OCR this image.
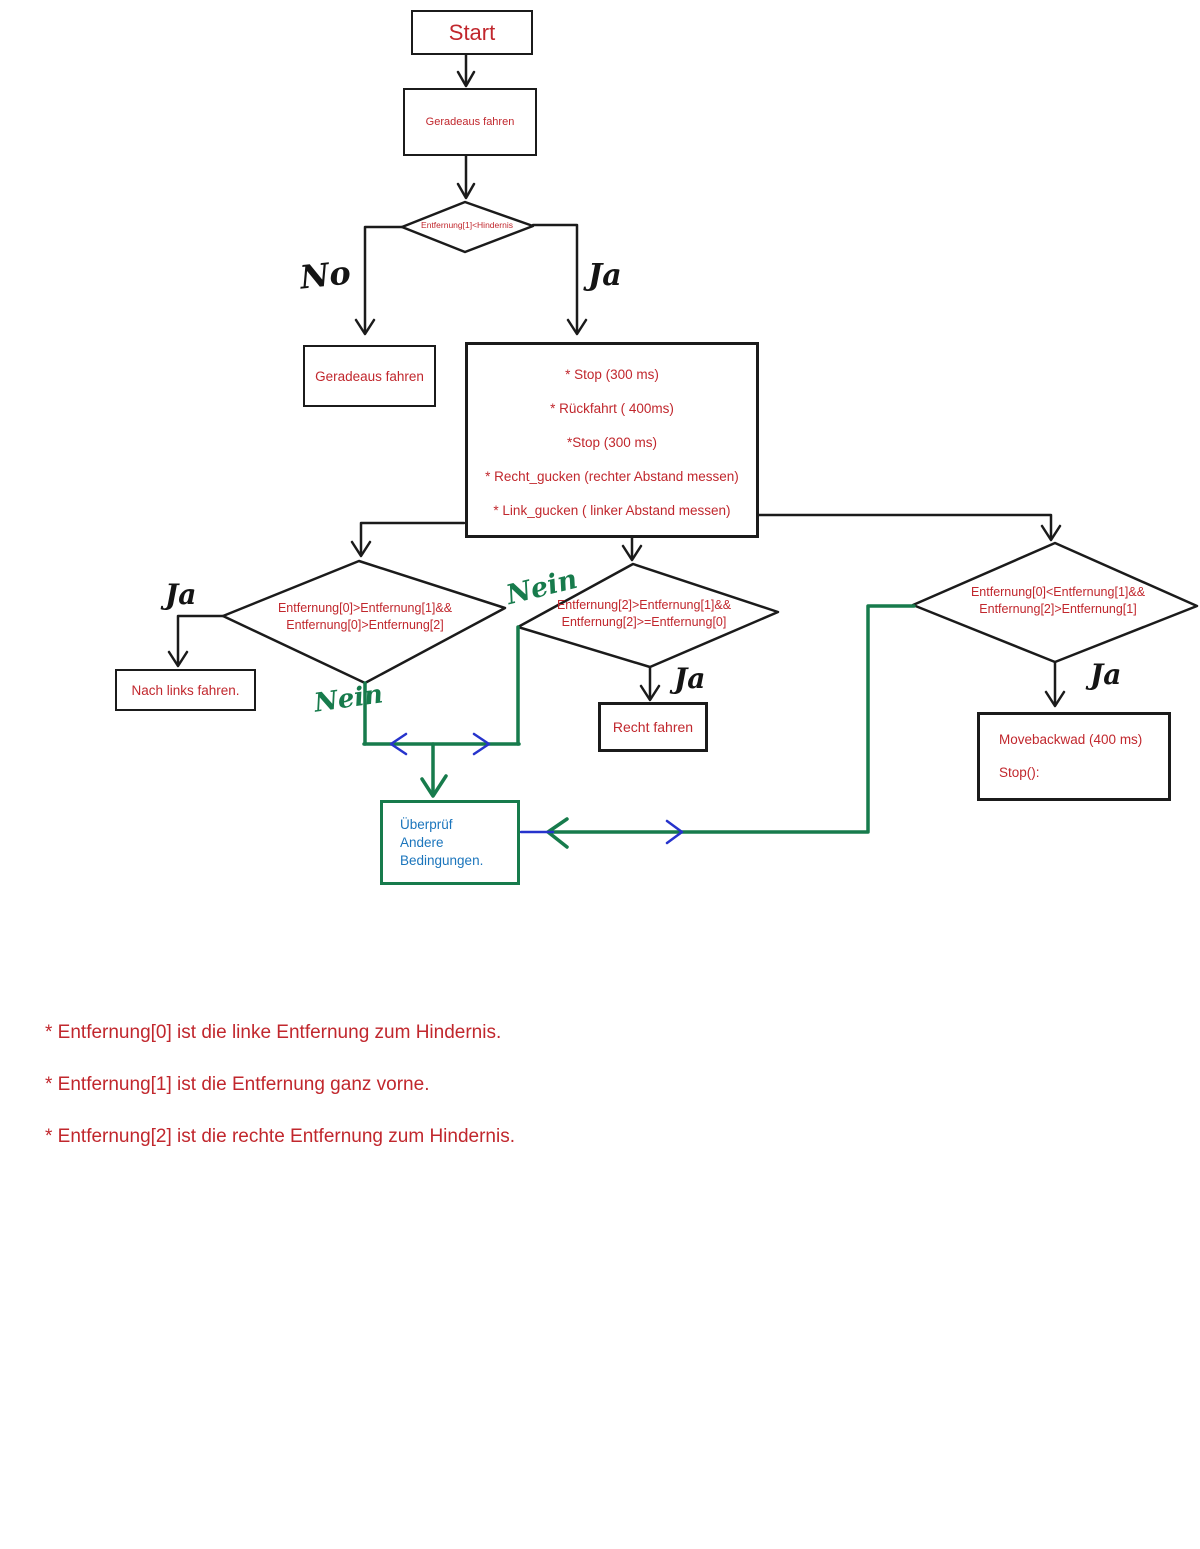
Start
Geradeaus fahren
Geradeaus fahren	* Stop (300 ms)
* Rückfahrt ( 400ms)
*Stop (300 ms)
* Recht_gucken (rechter Abstand messen)
* Link_gucken ( linker Abstand messen)
Nach links fahren.
Recht fahren
Movebackwad (400 ms)
Stop():
Überprüf
Andere
Bedingungen.
Entfernung[1]<Hindernis
Entfernung[0]>Entfernung[1]&&
Entfernung[0]>Entfernung[2]
Entfernung[2]>Entfernung[1]&&
Entfernung[2]>=Entfernung[0]
Entfernung[0]<Entfernung[1]&&
Entfernung[2]>Entfernung[1]
No	Ja
Ja
Nein
Nein
Ja	Ja
* Entfernung[0] ist die linke Entfernung zum Hindernis.
* Entfernung[1] ist die Entfernung ganz vorne.
* Entfernung[2] ist die rechte Entfernung zum Hindernis.
